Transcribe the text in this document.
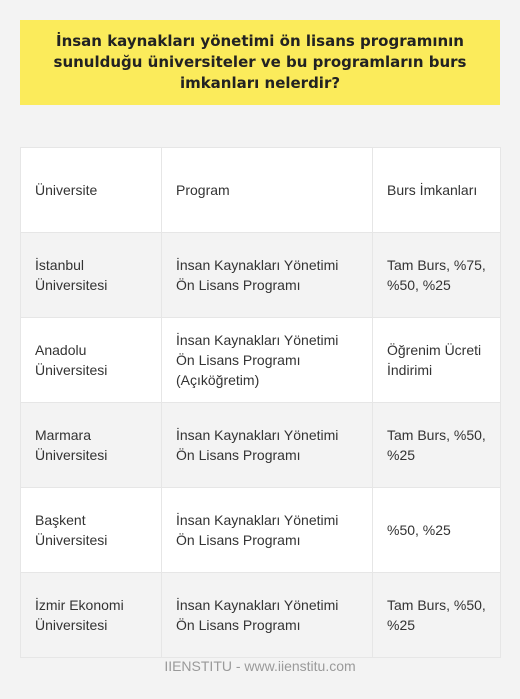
İnsan kaynakları yönetimi ön lisans programının sunulduğu üniversiteler ve bu programların burs imkanları nelerdir?
Üniversite	Program	Burs İmkanları
İstanbul Üniversitesi	İnsan Kaynakları Yönetimi Ön Lisans Programı	Tam Burs, %75, %50, %25
Anadolu Üniversitesi	İnsan Kaynakları Yönetimi Ön Lisans Programı (Açıköğretim)	Öğrenim Ücreti İndirimi
Marmara Üniversitesi	İnsan Kaynakları Yönetimi Ön Lisans Programı	Tam Burs, %50, %25
Başkent Üniversitesi	İnsan Kaynakları Yönetimi Ön Lisans Programı	%50, %25
İzmir Ekonomi Üniversitesi	İnsan Kaynakları Yönetimi Ön Lisans Programı	Tam Burs, %50, %25
IIENSTITU - www.iienstitu.com
